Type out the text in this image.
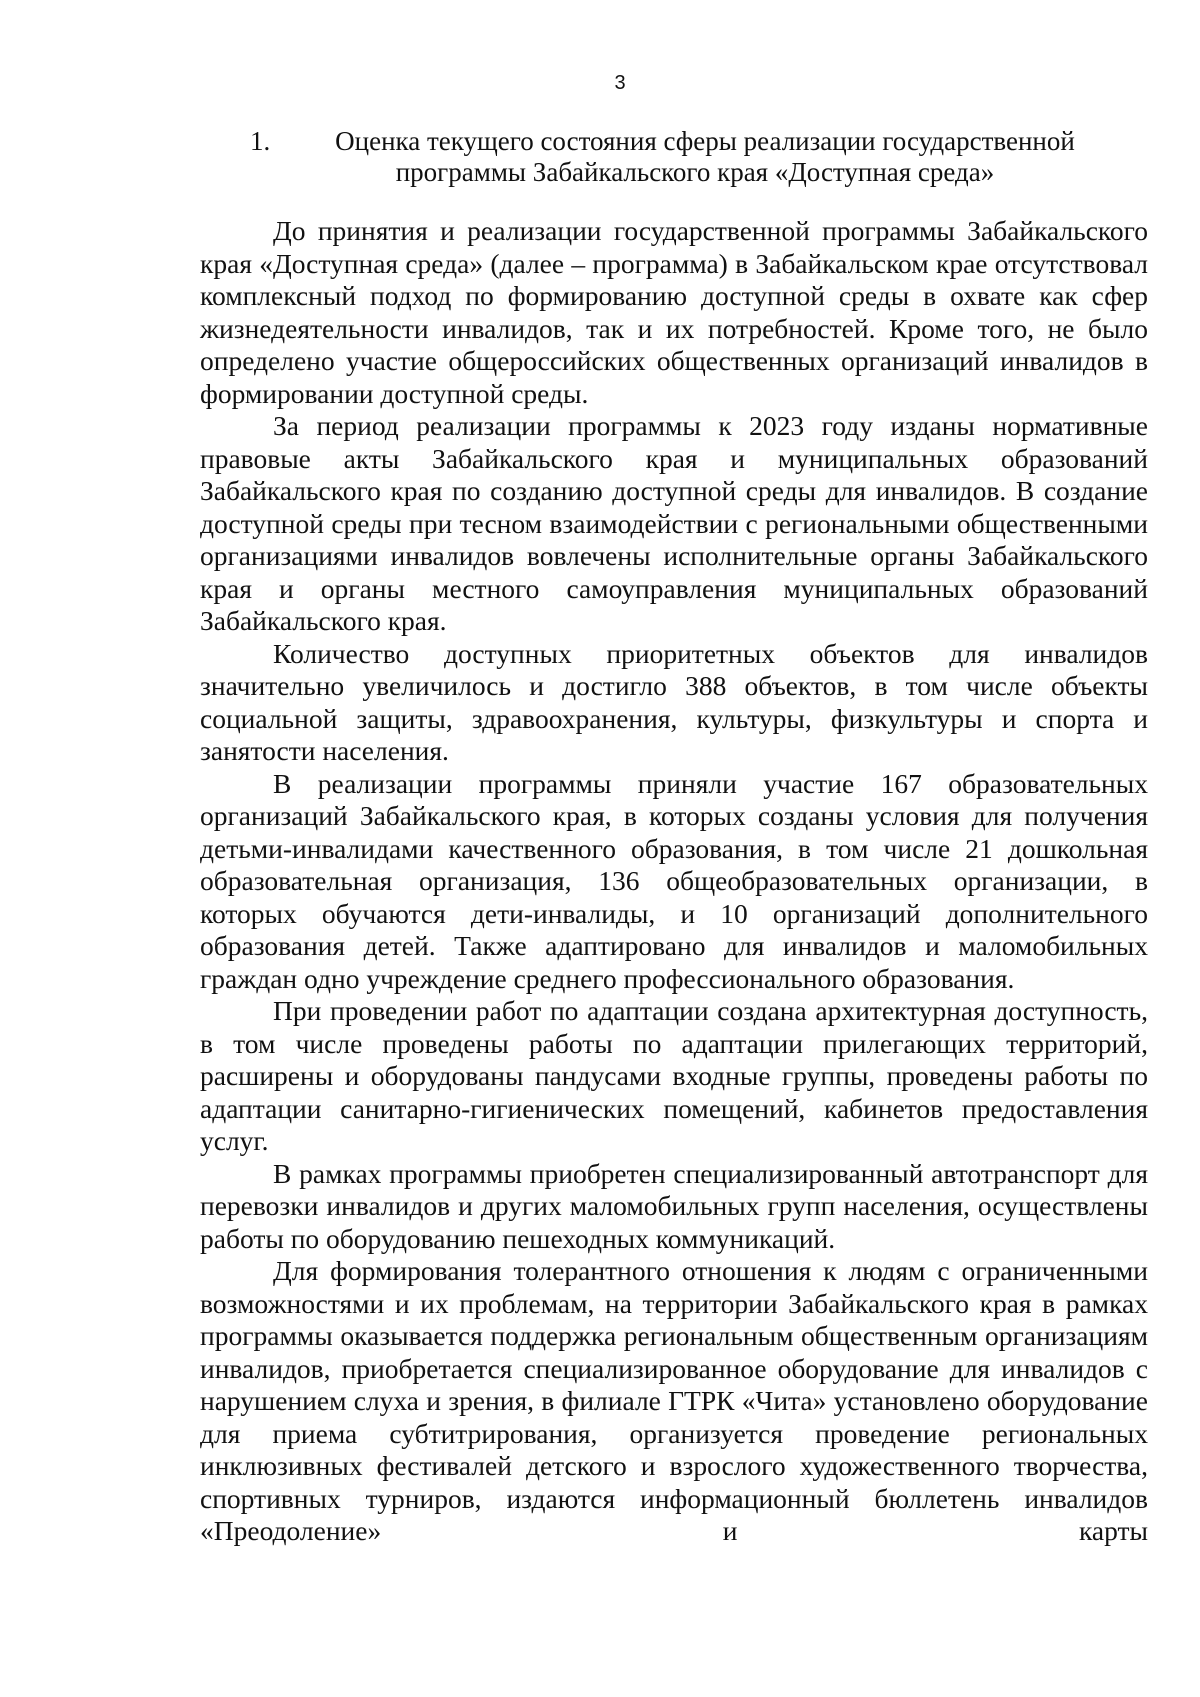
3
1. Оценка текущего состояния сферы реализации государственной
программы Забайкальского края «Доступная среда»

До принятия и реализации государственной программы Забайкальского края «Доступная среда» (далее – программа) в Забайкальском крае отсутствовал комплексный подход по формированию доступной среды в охвате как сфер жизнедеятельности инвалидов, так и их потребностей. Кроме того, не было определено участие общероссийских общественных организаций инвалидов в формировании доступной среды.

За период реализации программы к 2023 году изданы нормативные правовые акты Забайкальского края и муниципальных образований Забайкальского края по созданию доступной среды для инвалидов. В создание доступной среды при тесном взаимодействии с региональными общественными организациями инвалидов вовлечены исполнительные органы Забайкальского края и органы местного самоуправления муниципальных образований Забайкальского края.

Количество доступных приоритетных объектов для инвалидов значительно увеличилось и достигло 388 объектов, в том числе объекты социальной защиты, здравоохранения, культуры, физкультуры и спорта и занятости населения.

В реализации программы приняли участие 167 образовательных организаций Забайкальского края, в которых созданы условия для получения детьми-инвалидами качественного образования, в том числе 21 дошкольная образовательная организация, 136 общеобразовательных организации, в которых обучаются дети-инвалиды, и 10 организаций дополнительного образования детей. Также адаптировано для инвалидов и маломобильных граждан одно учреждение среднего профессионального образования.

При проведении работ по адаптации создана архитектурная доступность, в том числе проведены работы по адаптации прилегающих территорий, расширены и оборудованы пандусами входные группы, проведены работы по адаптации санитарно-гигиенических помещений, кабинетов предоставления услуг.

В рамках программы приобретен специализированный автотранспорт для перевозки инвалидов и других маломобильных групп населения, осуществлены работы по оборудованию пешеходных коммуникаций.

Для формирования толерантного отношения к людям с ограниченными возможностями и их проблемам, на территории Забайкальского края в рамках программы оказывается поддержка региональным общественным организациям инвалидов, приобретается специализированное оборудование для инвалидов с нарушением слуха и зрения, в филиале ГТРК «Чита» установлено оборудование для приема субтитрирования, организуется проведение региональных инклюзивных фестивалей детского и взрослого художественного творчества, спортивных турниров, издаются информационный бюллетень инвалидов «Преодоление» и карты
